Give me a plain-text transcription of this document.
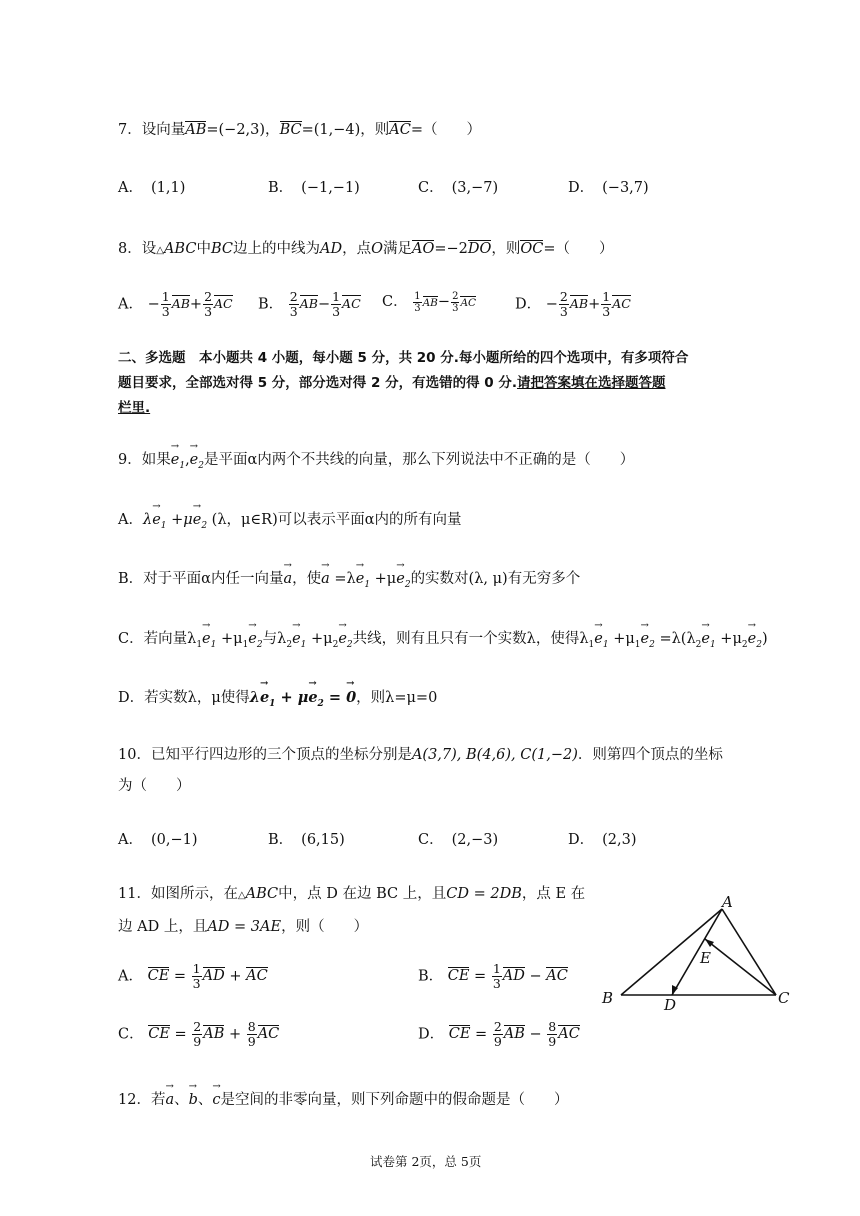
7．设向量AB=(−2,3)，BC=(1,−4)，则AC=（　　）
A． (1,1)	B． (−1,−1)	C． (3,−7)	D． (−3,7)
8．设△ABC中BC边上的中线为AD，点O满足AO=−2DO，则OC=（　　）
A． − $\frac{1}{3} AB+ \frac{2}{3}$ AC B． $\frac{2}{3} AB- \frac{1}{3}$ AC C． $\frac{1}{3} AB- \frac{2}{3}$ AC	D． − $\frac{2}{3} AB+ \frac{1}{3}$ AC
二、多选题　本小题共 4 小题，每小题 5 分，共 20 分.每小题所给的四个选项中，有多项符合
题目要求，全部选对得 5 分，部分选对得 2 分，有选错的得 0 分.请把答案填在选择题答题
栏里.
9．如果→ $e_1,\to e_2$是平面α内两个不共线的向量，那么下列说法中不正确的是（　　）
A．$\lambda\to e_1 +\mu\to e_2$ (λ，μ∈R)可以表示平面α内的所有向量
B．对于平面α内任一向量→ a，使→ $a =\lambda\to e_1 +\mu\to e_2$的实数对(λ, μ)有无穷多个
C．若向量$\lambda_1\to e_1 +\mu_1\to e_2$与$\lambda_2\to e_1 +\mu_2\to e_2$共线，则有且只有一个实数λ，使得$\lambda_1\to e_1 +\mu_1\to e_2 =\lambda(\lambda_2\to e_1 +\mu_2\to e_2)$
D．若实数λ，μ使得$\lambda\to e_1 + \mu\to e_2$ = → 0，则λ=μ=0
10．已知平行四边形的三个顶点的坐标分别是A(3,7), B(4,6), C(1,−2)．则第四个顶点的坐标
为（　　）
A． (0,−1)	B． (6,15)	C． (2,−3)	D． (2,3)
11．如图所示，在△ABC中，点 D 在边 BC 上，且CD = 2DB，点 E 在
边 AD 上，且AD = 3AE，则（　　）
A． CE = $\frac{1}{3}$ AD + AC	B． CE = $\frac{1}{3}$ AD − AC
C． CE = $\frac{2}{9}$ AB + $\frac{8}{9}$ AC	D． CE = $\frac{2}{9}$ AB − $\frac{8}{9}$ AC
A
B	C
D
E
12．若→ a、→ b、→ c是空间的非零向量，则下列命题中的假命题是（　　）
试卷第 2页，总 5页
